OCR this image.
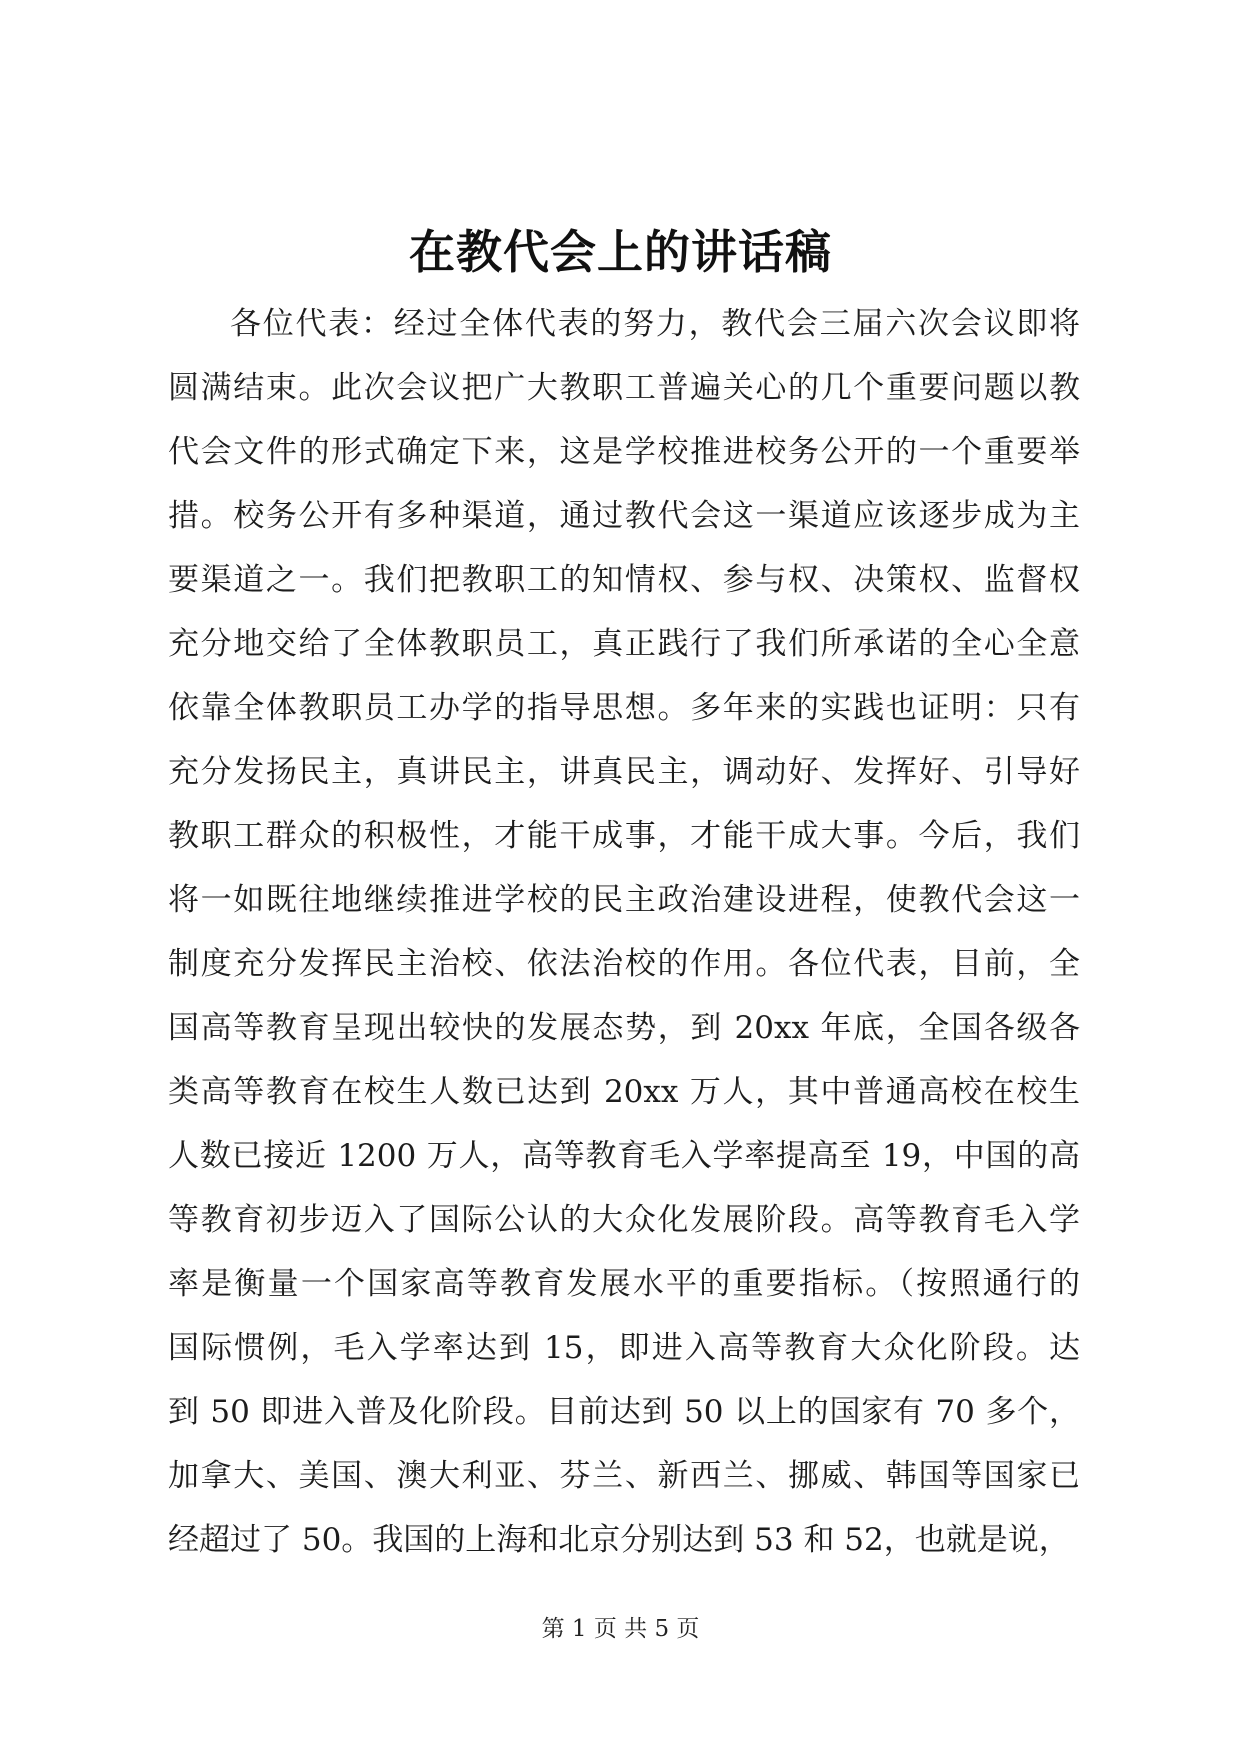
在教代会上的讲话稿
各位代表：经过全体代表的努力，教代会三届六次会议即将
圆满结束。此次会议把广大教职工普遍关心的几个重要问题以教
代会文件的形式确定下来，这是学校推进校务公开的一个重要举
措。校务公开有多种渠道，通过教代会这一渠道应该逐步成为主
要渠道之一。我们把教职工的知情权、参与权、决策权、监督权
充分地交给了全体教职员工，真正践行了我们所承诺的全心全意
依靠全体教职员工办学的指导思想。多年来的实践也证明：只有
充分发扬民主，真讲民主，讲真民主，调动好、发挥好、引导好
教职工群众的积极性，才能干成事，才能干成大事。今后，我们
将一如既往地继续推进学校的民主政治建设进程，使教代会这一
制度充分发挥民主治校、依法治校的作用。各位代表，目前，全
国高等教育呈现出较快的发展态势，到 20xx 年底，全国各级各
类高等教育在校生人数已达到 20xx 万人，其中普通高校在校生
人数已接近 1200 万人，高等教育毛入学率提高至 19，中国的高
等教育初步迈入了国际公认的大众化发展阶段。高等教育毛入学
率是衡量一个国家高等教育发展水平的重要指标。（按照通行的
国际惯例，毛入学率达到 15，即进入高等教育大众化阶段。达
到 50 即进入普及化阶段。目前达到 50 以上的国家有 70 多个，
加拿大、美国、澳大利亚、芬兰、新西兰、挪威、韩国等国家已
经超过了 50。我国的上海和北京分别达到 53 和 52，也就是说，
第 1 页 共 5 页
